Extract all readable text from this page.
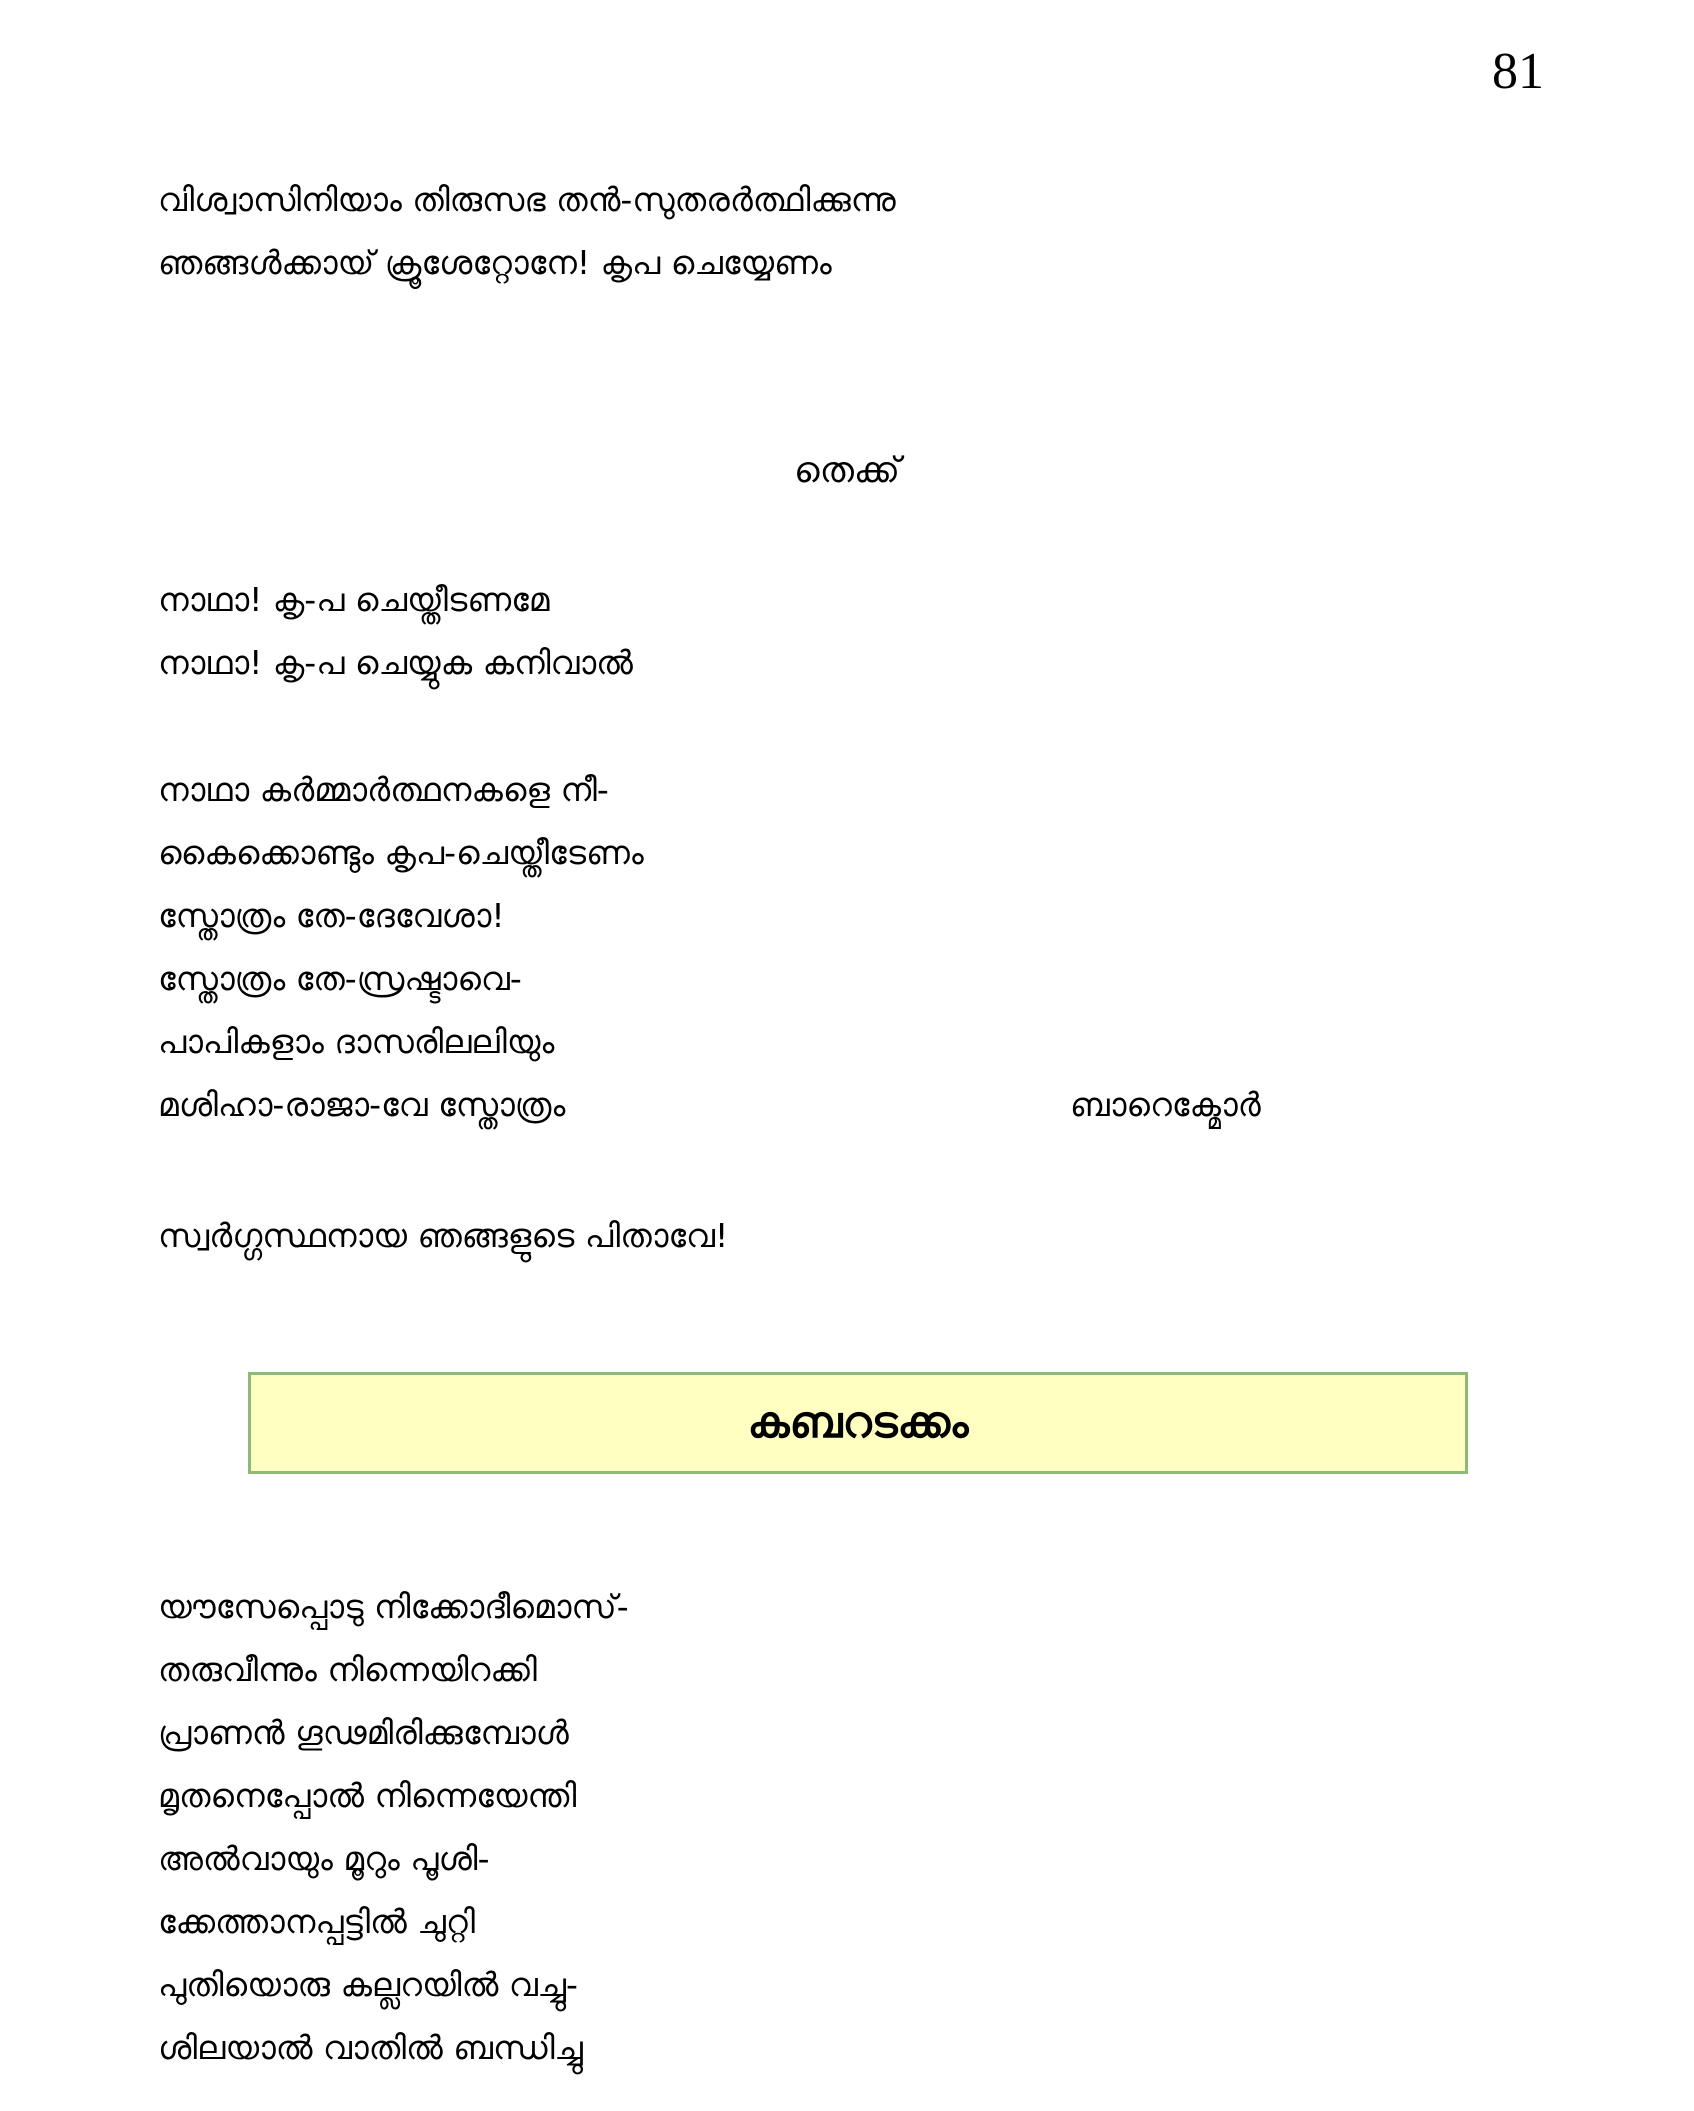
81
വിശ്വാസിനിയാം തിരുസഭ തൻ-സുതരർത്ഥിക്കുന്നു
ഞങ്ങൾക്കായ് ക്രൂശേറ്റോനേ! കൃപ ചെയ്യേണം
തെക്ക്
നാഥാ! കൃ-പ ചെയ്തീടണമേ
നാഥാ! കൃ-പ ചെയ്യുക കനിവാൽ
നാഥാ കർമ്മാർത്ഥനകളെ നീ-
കൈക്കൊണ്ടും കൃപ-ചെയ്തീടേണം
സ്തോത്രം തേ-ദേവേശാ!
സ്തോത്രം തേ-സ്രഷ്ടാവെ-
പാപികളാം ദാസരിലലിയും
മശിഹാ-രാജാ-വേ സ്തോത്രം	ബാറെക്മോർ
സ്വർഗ്ഗസ്ഥനായ ഞങ്ങളുടെ പിതാവേ!
കബറടക്കം
യൗസേപ്പൊടു നിക്കോദീമൊസ്-
തരുവീന്നും നിന്നെയിറക്കി
പ്രാണൻ ഗൂഢമിരിക്കുമ്പോൾ
മൃതനെപ്പോൽ നിന്നെയേന്തി
അൽവായും മൂറും പൂശി-
ക്കേത്താനപ്പട്ടിൽ ചുറ്റി
പുതിയൊരു കല്ലറയിൽ വച്ചു-
ശിലയാൽ വാതിൽ ബന്ധിച്ചു
